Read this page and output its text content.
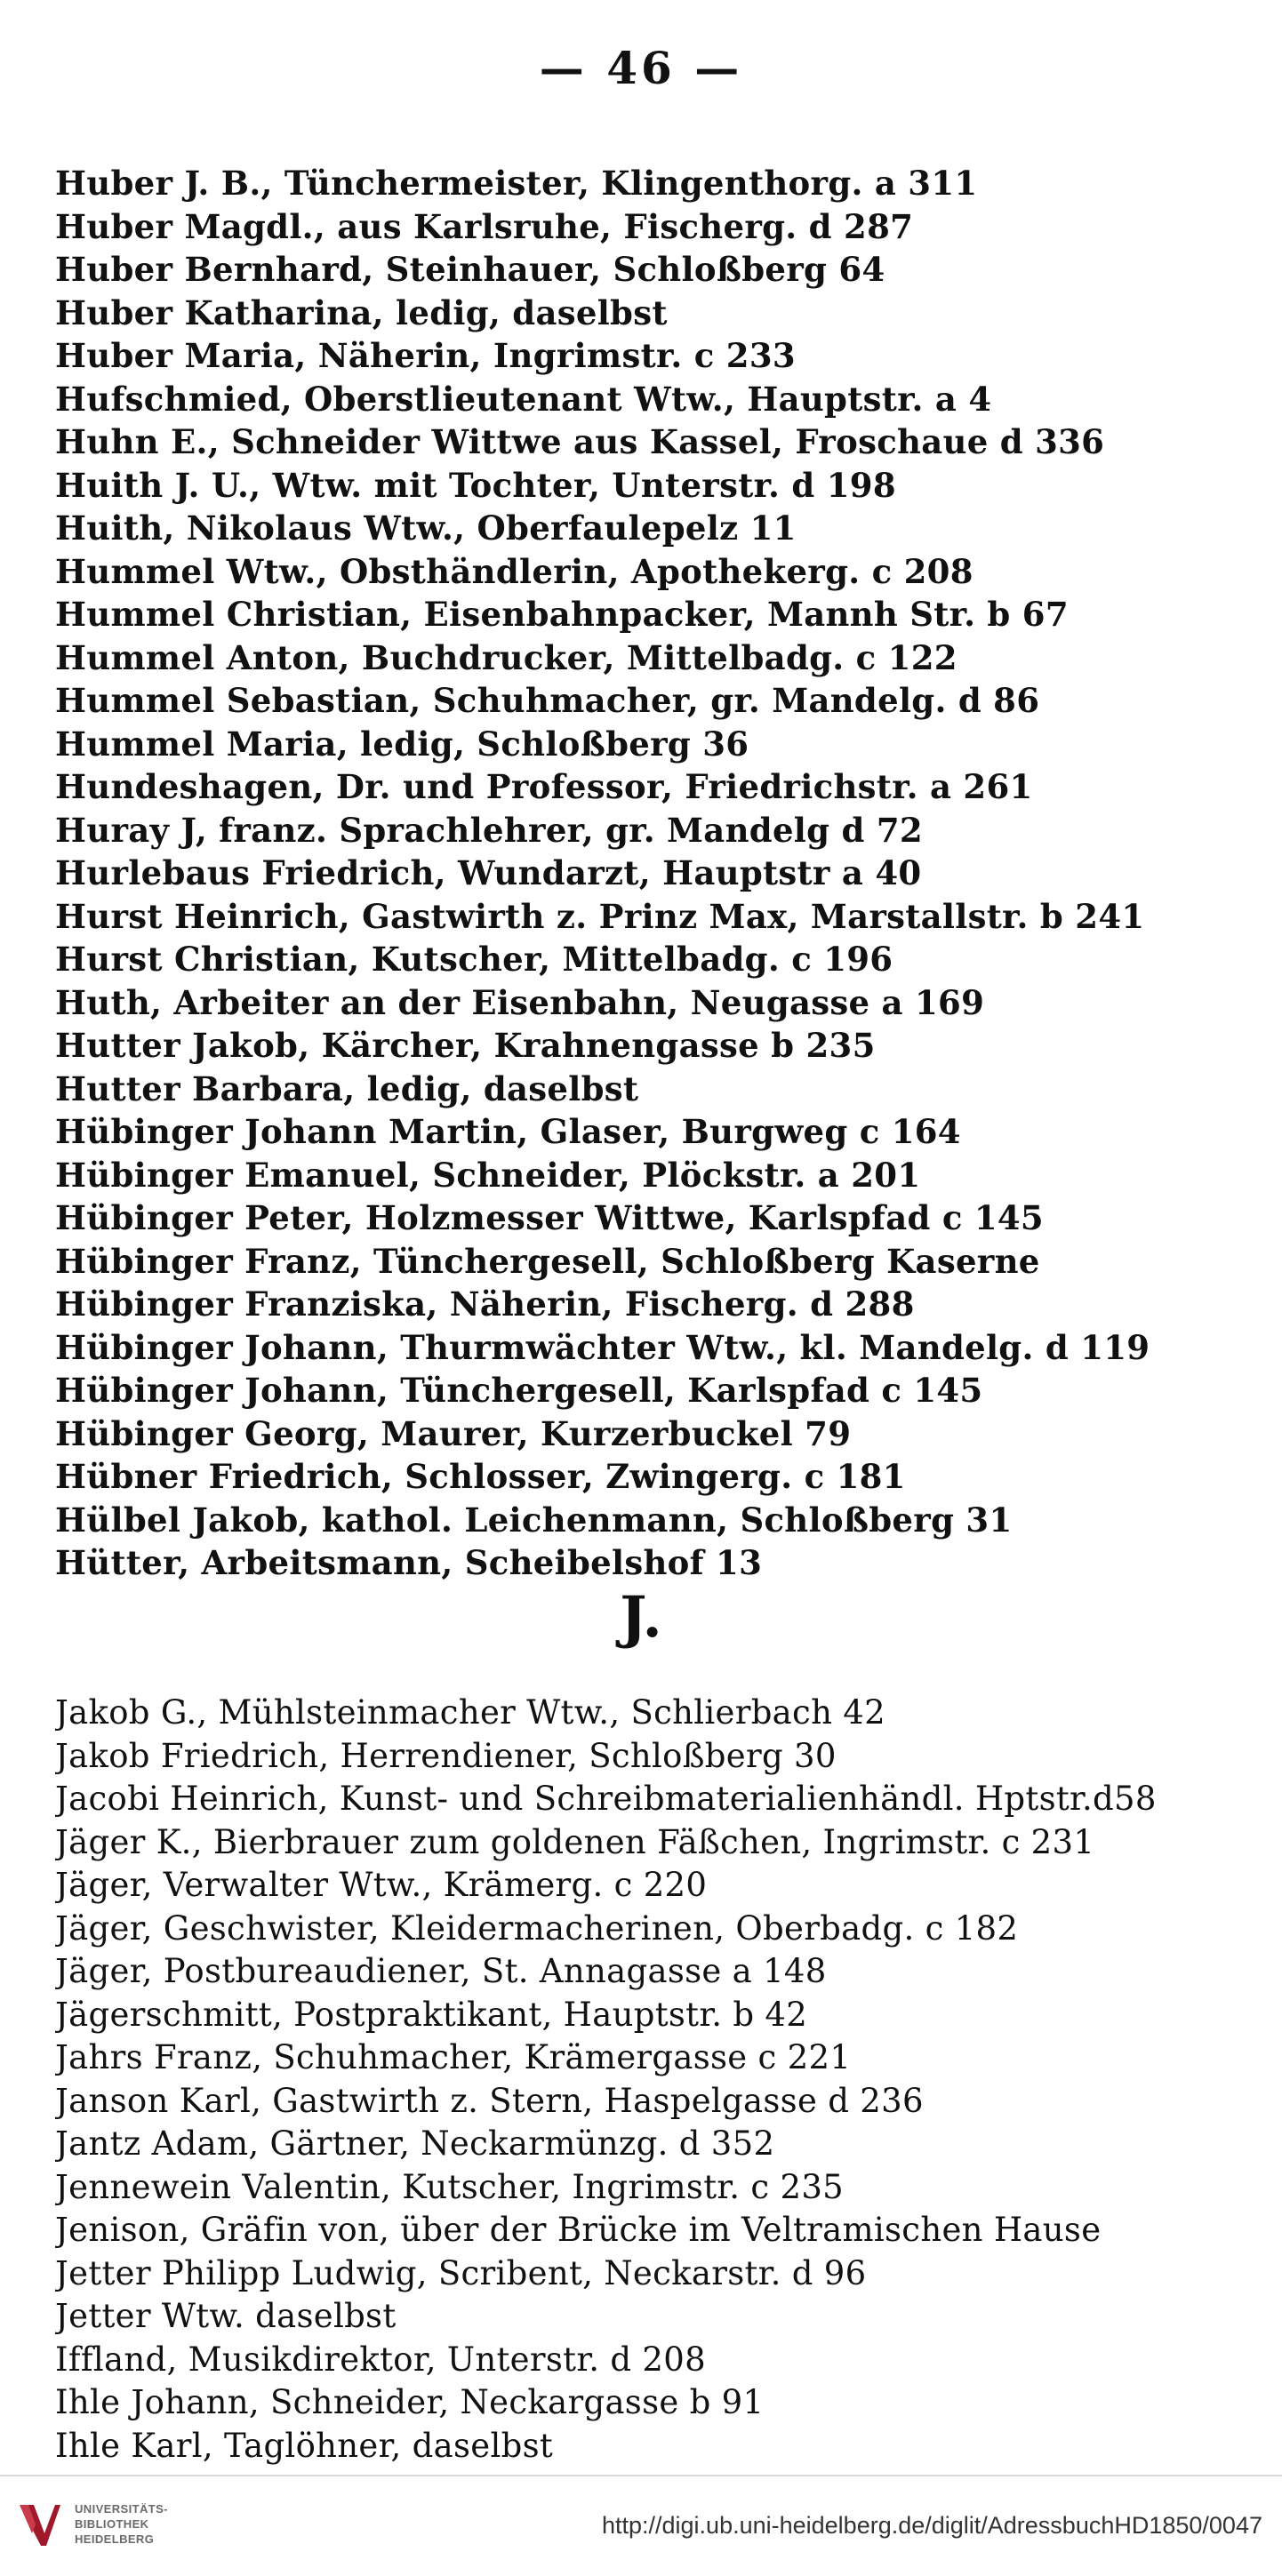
— 46 —
Huber J. B., Tünchermeister, Klingenthorg. a 311
Huber Magdl., aus Karlsruhe, Fischerg. d 287
Huber Bernhard, Steinhauer, Schloßberg 64
Huber Katharina, ledig, daselbst
Huber Maria, Näherin, Ingrimstr. c 233
Hufschmied, Oberstlieutenant Wtw., Hauptstr. a 4
Huhn E., Schneider Wittwe aus Kassel, Froschaue d 336
Huith J. U., Wtw. mit Tochter, Unterstr. d 198
Huith, Nikolaus Wtw., Oberfaulepelz 11
Hummel Wtw., Obsthändlerin, Apothekerg. c 208
Hummel Christian, Eisenbahnpacker, Mannh Str. b 67
Hummel Anton, Buchdrucker, Mittelbadg. c 122
Hummel Sebastian, Schuhmacher, gr. Mandelg. d 86
Hummel Maria, ledig, Schloßberg 36
Hundeshagen, Dr. und Professor, Friedrichstr. a 261
Huray J, franz. Sprachlehrer, gr. Mandelg d 72
Hurlebaus Friedrich, Wundarzt, Hauptstr a 40
Hurst Heinrich, Gastwirth z. Prinz Max, Marstallstr. b 241
Hurst Christian, Kutscher, Mittelbadg. c 196
Huth, Arbeiter an der Eisenbahn, Neugasse a 169
Hutter Jakob, Kärcher, Krahnengasse b 235
Hutter Barbara, ledig, daselbst
Hübinger Johann Martin, Glaser, Burgweg c 164
Hübinger Emanuel, Schneider, Plöckstr. a 201
Hübinger Peter, Holzmesser Wittwe, Karlspfad c 145
Hübinger Franz, Tünchergesell, Schloßberg Kaserne
Hübinger Franziska, Näherin, Fischerg. d 288
Hübinger Johann, Thurmwächter Wtw., kl. Mandelg. d 119
Hübinger Johann, Tünchergesell, Karlspfad c 145
Hübinger Georg, Maurer, Kurzerbuckel 79
Hübner Friedrich, Schlosser, Zwingerg. c 181
Hülbel Jakob, kathol. Leichenmann, Schloßberg 31
Hütter, Arbeitsmann, Scheibelshof 13
J.
Jakob G., Mühlsteinmacher Wtw., Schlierbach 42
Jakob Friedrich, Herrendiener, Schloßberg 30
Jacobi Heinrich, Kunst- und Schreibmaterialienhändl. Hptstr.d58
Jäger K., Bierbrauer zum goldenen Fäßchen, Ingrimstr. c 231
Jäger, Verwalter Wtw., Krämerg. c 220
Jäger, Geschwister, Kleidermacherinen, Oberbadg. c 182
Jäger, Postbureaudiener, St. Annagasse a 148
Jägerschmitt, Postpraktikant, Hauptstr. b 42
Jahrs Franz, Schuhmacher, Krämergasse c 221
Janson Karl, Gastwirth z. Stern, Haspelgasse d 236
Jantz Adam, Gärtner, Neckarmünzg. d 352
Jennewein Valentin, Kutscher, Ingrimstr. c 235
Jenison, Gräfin von, über der Brücke im Veltramischen Hause
Jetter Philipp Ludwig, Scribent, Neckarstr. d 96
Jetter Wtw. daselbst
Iffland, Musikdirektor, Unterstr. d 208
Ihle Johann, Schneider, Neckargasse b 91
Ihle Karl, Taglöhner, daselbst
UNIVERSITÄTS-
BIBLIOTHEK
HEIDELBERG
http://digi.ub.uni-heidelberg.de/diglit/AdressbuchHD1850/0047
